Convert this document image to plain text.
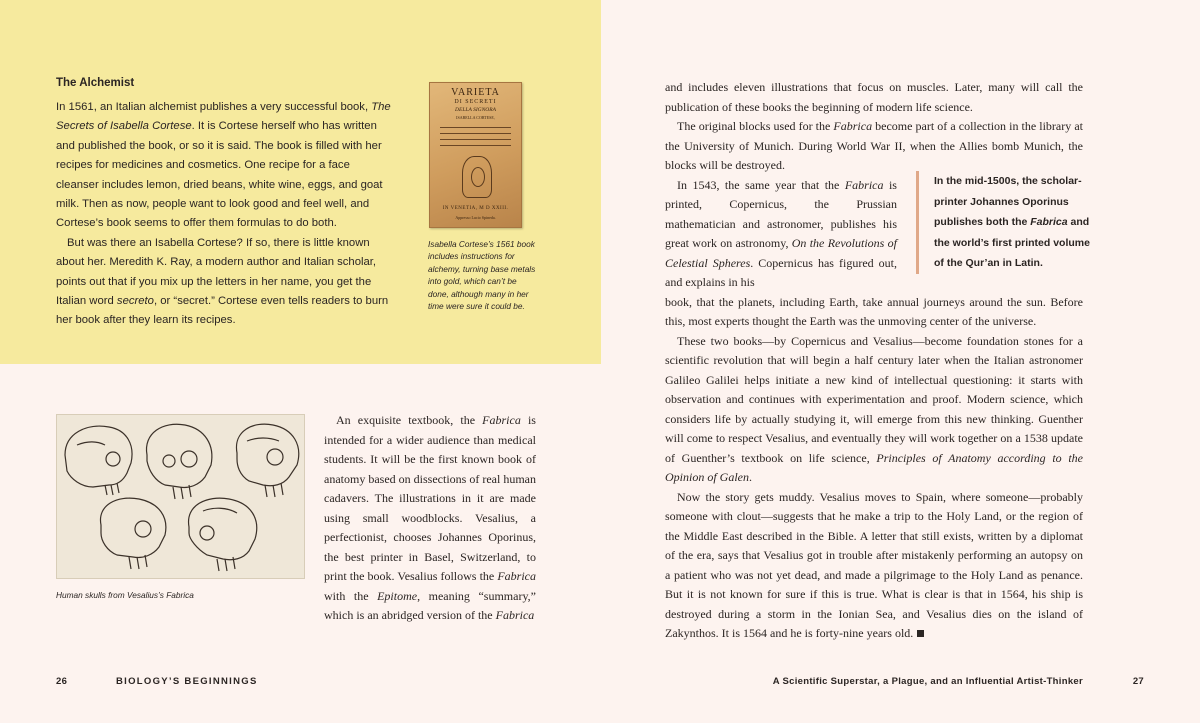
The Alchemist

In 1561, an Italian alchemist publishes a very successful book, The Secrets of Isabella Cortese. It is Cortese herself who has written and published the book, or so it is said. The book is filled with her recipes for medicines and cosmetics. One recipe for a face cleanser includes lemon, dried beans, white wine, eggs, and goat milk. Then as now, people want to look good and feel well, and Cortese’s book seems to offer them formulas to do both.

But was there an Isabella Cortese? If so, there is little known about her. Meredith K. Ray, a modern author and Italian scholar, points out that if you mix up the letters in her name, you get the Italian word secreto, or “secret.” Cortese even tells readers to burn her book after they learn its recipes.

VARIETA
DI SECRETI
DELLA SIGNORA
ISABELLA CORTESE,
IN VENETIA, M D XXIII.
Appresso Lucio Spineda.
Isabella Cortese’s 1561 book includes instructions for alchemy, turning base metals into gold, which can’t be done, although many in her time were sure it could be.
Human skulls from Vesalius’s Fabrica

An exquisite textbook, the Fabrica is intended for a wider audience than medical students. It will be the first known book of anatomy based on dissections of real human cadavers. The illustrations in it are made using small woodblocks. Vesalius, a perfectionist, chooses Johannes Oporinus, the best printer in Basel, Switzerland, to print the book. Vesalius follows the Fabrica with the Epitome, meaning “summary,” which is an abridged version of the Fabrica

and includes eleven illustrations that focus on muscles. Later, many will call the publication of these books the beginning of modern life science.

The original blocks used for the Fabrica become part of a collection in the library at the University of Munich. During World War II, when the Allies bomb Munich, the blocks will be destroyed.

In 1543, the same year that the Fabrica is printed, Copernicus, the Prussian mathematician and astronomer, publishes his great work on astronomy, On the Revolutions of Celestial Spheres. Copernicus has figured out, and explains in his

book, that the planets, including Earth, take annual journeys around the sun. Before this, most experts thought the Earth was the unmoving center of the universe.

These two books—by Copernicus and Vesalius—become foundation stones for a scientific revolution that will begin a half century later when the Italian astronomer Galileo Galilei helps initiate a new kind of intellectual questioning: it starts with observation and continues with experimentation and proof. Modern science, which considers life by actually studying it, will emerge from this new thinking. Guenther will come to respect Vesalius, and eventually they will work together on a 1538 update of Guenther’s textbook on life science, Principles of Anatomy according to the Opinion of Galen.

Now the story gets muddy. Vesalius moves to Spain, where someone—probably someone with clout—suggests that he make a trip to the Holy Land, or the region of the Middle East described in the Bible. A letter that still exists, written by a diplomat of the era, says that Vesalius got in trouble after mistakenly performing an autopsy on a patient who was not yet dead, and made a pilgrimage to the Holy Land as penance. But it is not known for sure if this is true. What is clear is that in 1564, his ship is destroyed during a storm in the Ionian Sea, and Vesalius dies on the island of Zakynthos. It is 1564 and he is forty-nine years old.

In the mid-1500s, the scholar-printer Johannes Oporinus publishes both the Fabrica and the world’s first printed volume of the Qur’an in Latin.
26	BIOLOGY’S BEGINNINGS	A Scientific Superstar, a Plague, and an Influential Artist-Thinker	27
